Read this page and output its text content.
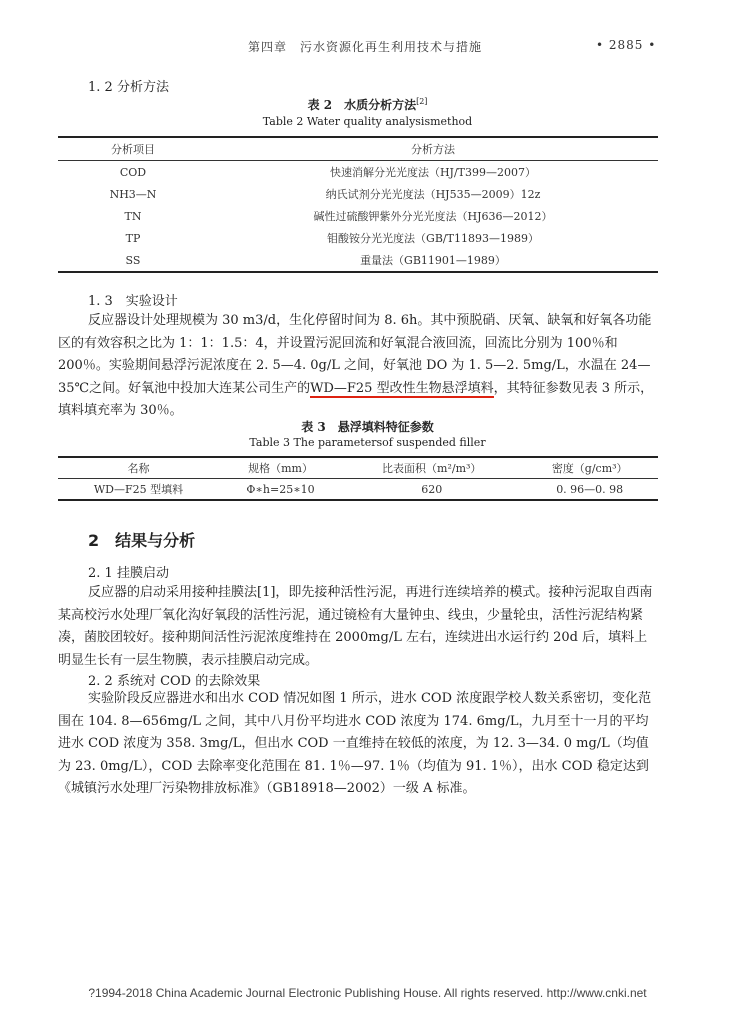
第四章　污水资源化再生利用技术与措施	• 2885 •
1. 2 分析方法
表 2　水质分析方法[2]
Table 2 Water quality analysismethod
分析项目	分析方法
COD	快速消解分光光度法（HJ/T399—2007）
NH3—N	纳氏试剂分光光度法（HJ535—2009）12z
TN	碱性过硫酸钾紫外分光光度法（HJ636—2012）
TP	钼酸铵分光光度法（GB/T11893—1989）
SS	重量法（GB11901—1989）
1. 3　实验设计
反应器设计处理规模为 30 m3/d，生化停留时间为 8. 6h。其中预脱硝、厌氧、缺氧和好氧各功能区的有效容积之比为 1：1：1.5：4，并设置污泥回流和好氧混合液回流，回流比分别为 100％和 200％。实验期间悬浮污泥浓度在 2. 5—4. 0g/L 之间，好氧池 DO 为 1. 5—2. 5mg/L，水温在 24—35℃之间。好氧池中投加大连某公司生产的WD—F25 型改性生物悬浮填料，其特征参数见表 3 所示，填料填充率为 30％。
表 3　悬浮填料特征参数
Table 3 The parametersof suspended filler
名称	规格（mm）	比表面积（m²/m³）	密度（g/cm³）
WD—F25 型填料	Φ∗h=25∗10	620	0. 96—0. 98
2　结果与分析
2. 1 挂膜启动
反应器的启动采用接种挂膜法[1]，即先接种活性污泥，再进行连续培养的模式。接种污泥取自西南某高校污水处理厂氧化沟好氧段的活性污泥，通过镜检有大量钟虫、线虫，少量轮虫，活性污泥结构紧凑，菌胶团较好。接种期间活性污泥浓度维持在 2000mg/L 左右，连续进出水运行约 20d 后，填料上明显生长有一层生物膜，表示挂膜启动完成。
2. 2 系统对 COD 的去除效果
实验阶段反应器进水和出水 COD 情况如图 1 所示，进水 COD 浓度跟学校人数关系密切，变化范围在 104. 8—656mg/L 之间，其中八月份平均进水 COD 浓度为 174. 6mg/L，九月至十一月的平均进水 COD 浓度为 358. 3mg/L，但出水 COD 一直维持在较低的浓度，为 12. 3—34. 0 mg/L（均值为 23. 0mg/L），COD 去除率变化范围在 81. 1％—97. 1％（均值为 91. 1％），出水 COD 稳定达到《城镇污水处理厂污染物排放标准》（GB18918—2002）一级 A 标准。
?1994-2018 China Academic Journal Electronic Publishing House. All rights reserved. http://www.cnki.net
